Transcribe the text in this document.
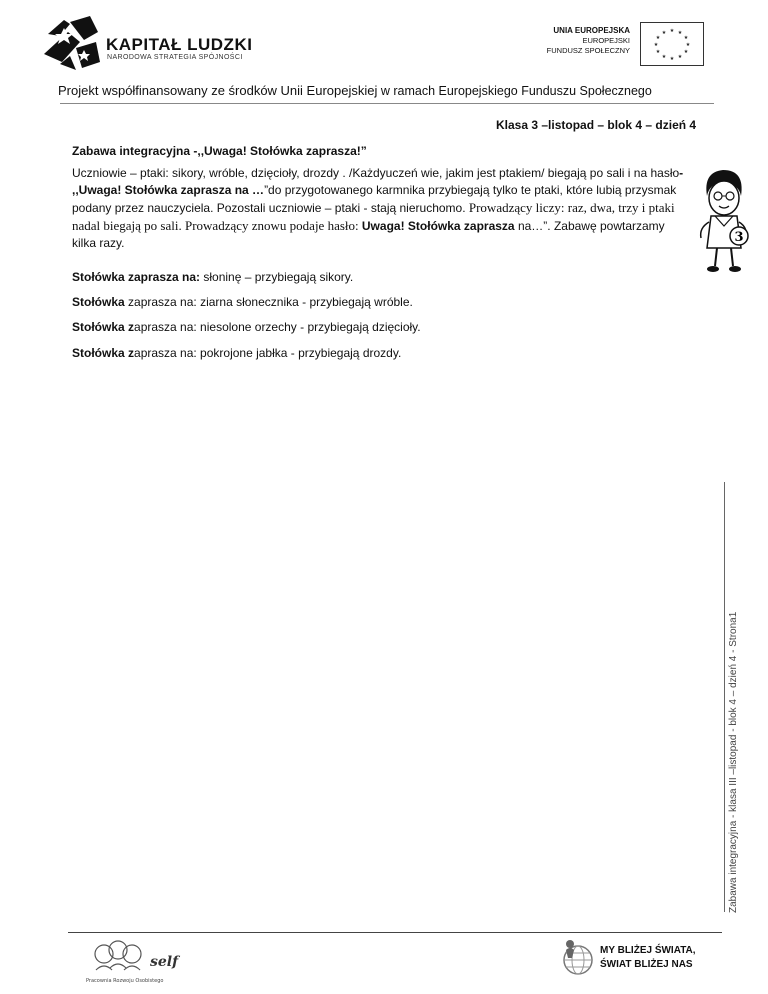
KAPITAŁ LUDZKI
NARODOWA STRATEGIA SPÓJNOŚCI
UNIA EUROPEJSKA
EUROPEJSKI
FUNDUSZ SPOŁECZNY
★ ★
★
★
★
★
★
★
★
★
★
★
Projekt współfinansowany ze środków Unii Europejskiej w ramach Europejskiego Funduszu Społecznego
Klasa 3 –listopad – blok 4 – dzień 4
Zabawa integracyjna -,,Uwaga! Stołówka zaprasza!”
Uczniowie – ptaki: sikory, wróble, dzięcioły, drozdy . /Każdyuczeń wie, jakim jest ptakiem/ biegają po sali i na hasło- ,,Uwaga! Stołówka zaprasza na …”do przygotowanego karmnika przybiegają tylko te ptaki, które lubią przysmak podany przez nauczyciela. Pozostali uczniowie – ptaki - stają nieruchomo. Prowadzący liczy: raz, dwa, trzy i ptaki nadal biegają po sali. Prowadzący znowu podaje hasło: Uwaga! Stołówka zaprasza na…”. Zabawę powtarzamy kilka razy.
Stołówka zaprasza na: słoninę – przybiegają sikory.
Stołówka zaprasza na: ziarna słonecznika - przybiegają wróble.
Stołówka zaprasza na: niesolone orzechy - przybiegają dzięcioły.
Stołówka zaprasza na: pokrojone jabłka - przybiegają drozdy.
3
Zabawa integracyjna - klasa III –listopad - blok 4 – dzień 4 - Strona1
self
Pracownia Rozwoju Osobistego
MY BLIŻEJ ŚWIATA,
ŚWIAT BLIŻEJ NAS
